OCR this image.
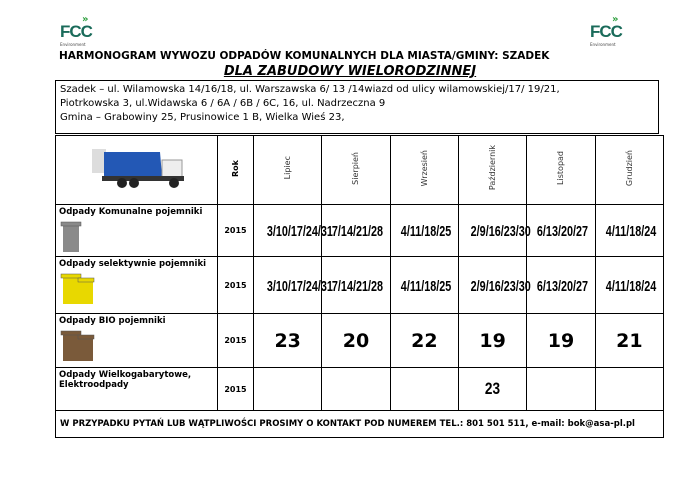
»
FCC
Environment
»
FCC
Environment
HARMONOGRAM WYWOZU ODPADÓW KOMUNALNYCH DLA MIASTA/GMINY: SZADEK
DLA ZABUDOWY WIELORODZINNEJ
Szadek – ul. Wilamowska 14/16/18, ul. Warszawska 6/ 13 /14wiazd od ulicy wilamowskiej/17/ 19/21,
Piotrkowska 3, ul.Widawska 6 / 6A / 6B / 6C, 16, ul. Nadrzeczna 9
Gmina – Grabowiny 25, Prusinowice 1 B, Wielka Wieś 23,
	Rok	Lipiec	Sierpień	Wrzesień	Październik	Listopad	Grudzień
Odpady Komunalne pojemniki	2015	3/10/17/24/31	7/14/21/28	4/11/18/25	2/9/16/23/30	6/13/20/27	4/11/18/24
Odpady selektywnie pojemniki	2015	3/10/17/24/31	7/14/21/28	4/11/18/25	2/9/16/23/30	6/13/20/27	4/11/18/24
Odpady BIO pojemniki	2015	23	20	22	19	19	21
Odpady Wielkogabarytowe, Elektroodpady	2015				23		
W PRZYPADKU PYTAŃ LUB WĄTPLIWOŚCI PROSIMY O KONTAKT POD NUMEREM TEL.: 801 501 511, e-mail: bok@asa-pl.pl							
